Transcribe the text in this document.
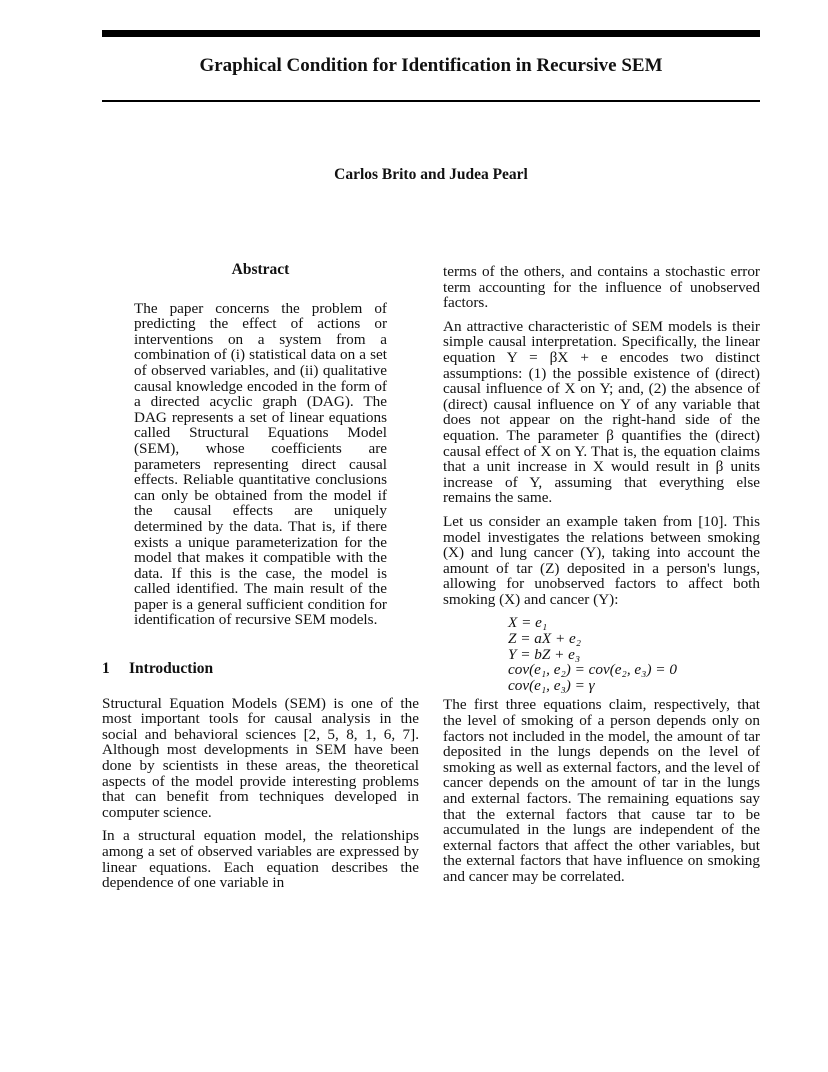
Graphical Condition for Identification in Recursive SEM
Carlos Brito and Judea Pearl
Abstract

The paper concerns the problem of predicting the effect of actions or interventions on a system from a combination of (i) statistical data on a set of observed variables, and (ii) qualitative causal knowledge encoded in the form of a directed acyclic graph (DAG). The DAG represents a set of linear equations called Structural Equations Model (SEM), whose coefficients are parameters representing direct causal effects. Reliable quantitative conclusions can only be obtained from the model if the causal effects are uniquely determined by the data. That is, if there exists a unique parameterization for the model that makes it compatible with the data. If this is the case, the model is called identified. The main result of the paper is a general sufficient condition for identification of recursive SEM models.

1 Introduction

Structural Equation Models (SEM) is one of the most important tools for causal analysis in the social and behavioral sciences [2, 5, 8, 1, 6, 7]. Although most developments in SEM have been done by scientists in these areas, the theoretical aspects of the model provide interesting problems that can benefit from techniques developed in computer science.

In a structural equation model, the relationships among a set of observed variables are expressed by linear equations. Each equation describes the dependence of one variable in

terms of the others, and contains a stochastic error term accounting for the influence of unobserved factors.

An attractive characteristic of SEM models is their simple causal interpretation. Specifically, the linear equation Y = βX + e encodes two distinct assumptions: (1) the possible existence of (direct) causal influence of X on Y; and, (2) the absence of (direct) causal influence on Y of any variable that does not appear on the right-hand side of the equation. The parameter β quantifies the (direct) causal effect of X on Y. That is, the equation claims that a unit increase in X would result in β units increase of Y, assuming that everything else remains the same.

Let us consider an example taken from [10]. This model investigates the relations between smoking (X) and lung cancer (Y), taking into account the amount of tar (Z) deposited in a person's lungs, allowing for unobserved factors to affect both smoking (X) and cancer (Y):

X = e₁
Z = aX + e₂
Y = bZ + e₃
cov(e₁, e₂) = cov(e₂, e₃) = 0
cov(e₁, e₃) = γ

The first three equations claim, respectively, that the level of smoking of a person depends only on factors not included in the model, the amount of tar deposited in the lungs depends on the level of smoking as well as external factors, and the level of cancer depends on the amount of tar in the lungs and external factors. The remaining equations say that the external factors that cause tar to be accumulated in the lungs are independent of the external factors that affect the other variables, but the external factors that have influence on smoking and cancer may be correlated.
